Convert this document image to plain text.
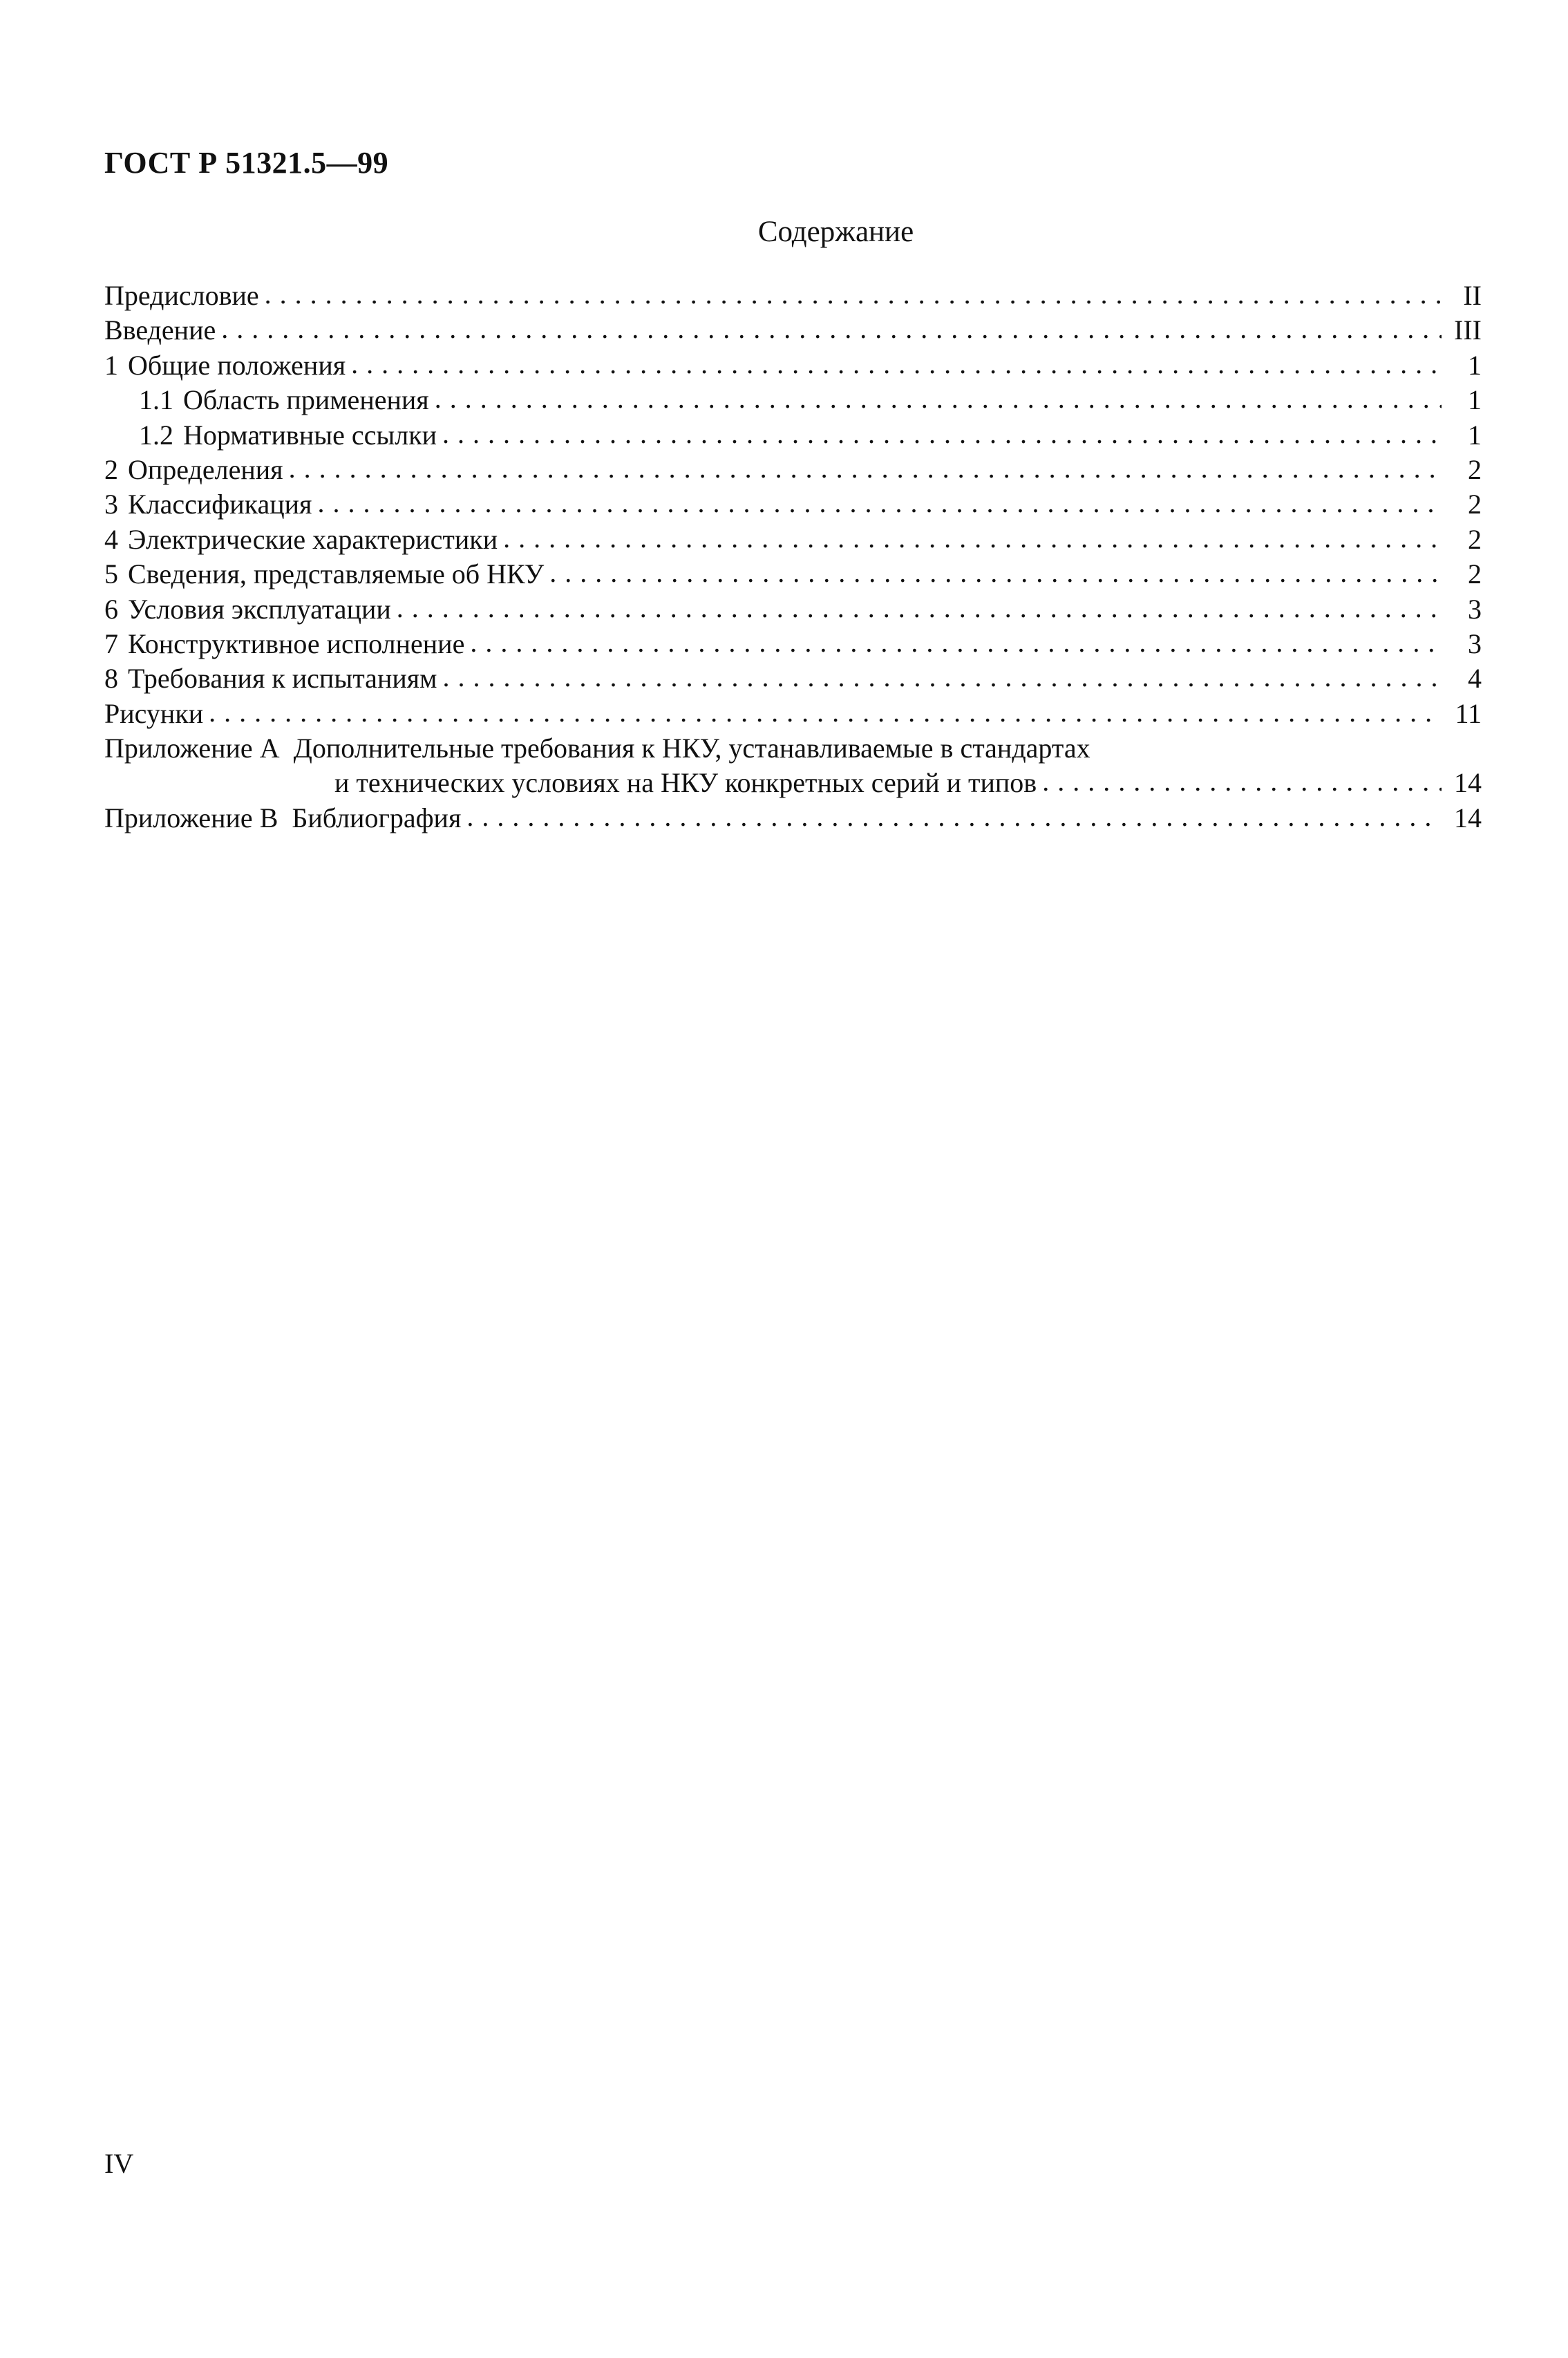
ГОСТ Р 51321.5—99
Содержание
Предисловие . . .	II
Введение . . .	III
1 Общие положения . . .	1
1.1 Область применения . . .	1
1.2 Нормативные ссылки . . .	1
2 Определения . . .	2
3 Классификация . . .	2
4 Электрические характеристики . . .	2
5 Сведения, представляемые об НКУ . . .	2
6 Условия эксплуатации . . .	3
7 Конструктивное исполнение . . .	3
8 Требования к испытаниям . . .	4
Рисунки . . .	11
Приложение А  Дополнительные требования к НКУ, устанавливаемые в стандартах
и технических условиях на НКУ конкретных серий и типов . . .	14
Приложение В  Библиография . . .	14
IV
